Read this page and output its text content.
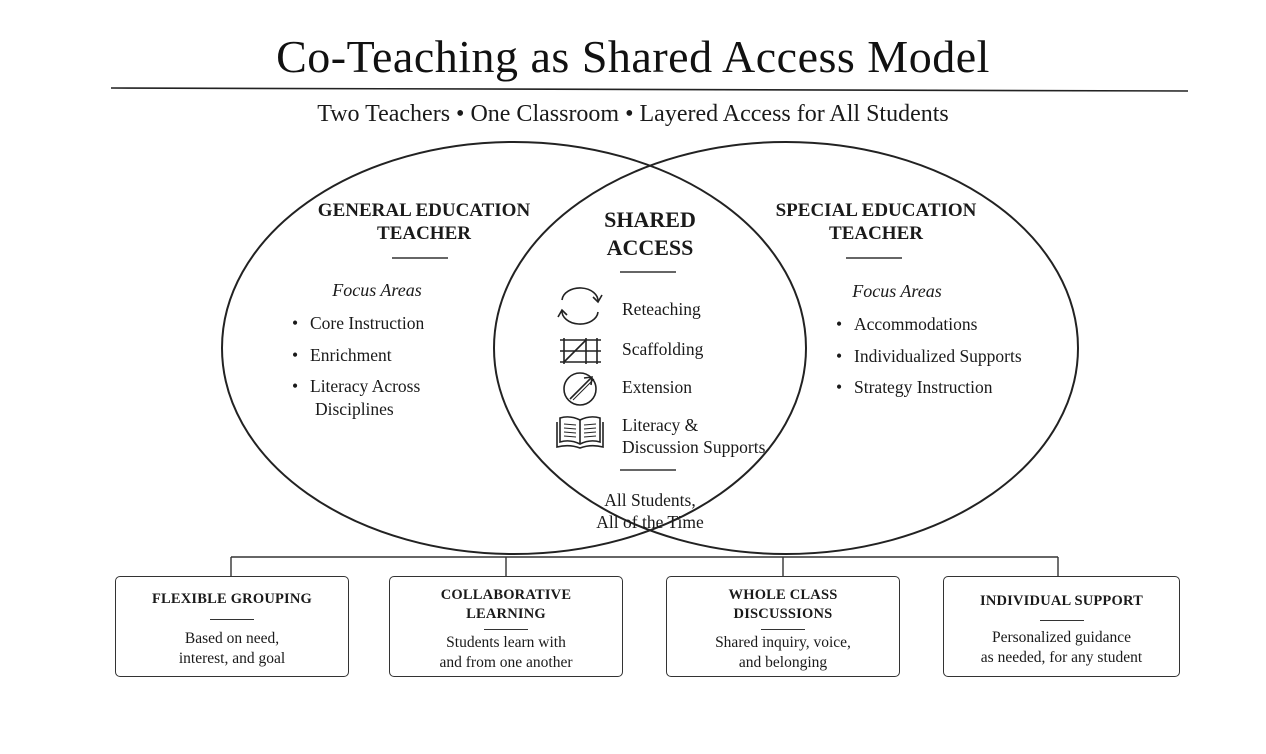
Co-Teaching as Shared Access Model
Two Teachers • One Classroom • Layered Access for All Students
GENERAL EDUCATION
TEACHER
Focus Areas
• Core Instruction
• Enrichment
• Literacy Across
Disciplines
SPECIAL EDUCATION
TEACHER
Focus Areas
• Accommodations
• Individualized Supports
• Strategy Instruction
SHARED
ACCESS
Reteaching
Scaffolding
Extension
Literacy &
Discussion Supports
All Students,
All of the Time
FLEXIBLE GROUPING
Based on need,
interest, and goal
COLLABORATIVE
LEARNING
Students learn with
and from one another
WHOLE CLASS
DISCUSSIONS
Shared inquiry, voice,
and belonging
INDIVIDUAL SUPPORT
Personalized guidance
as needed, for any student
